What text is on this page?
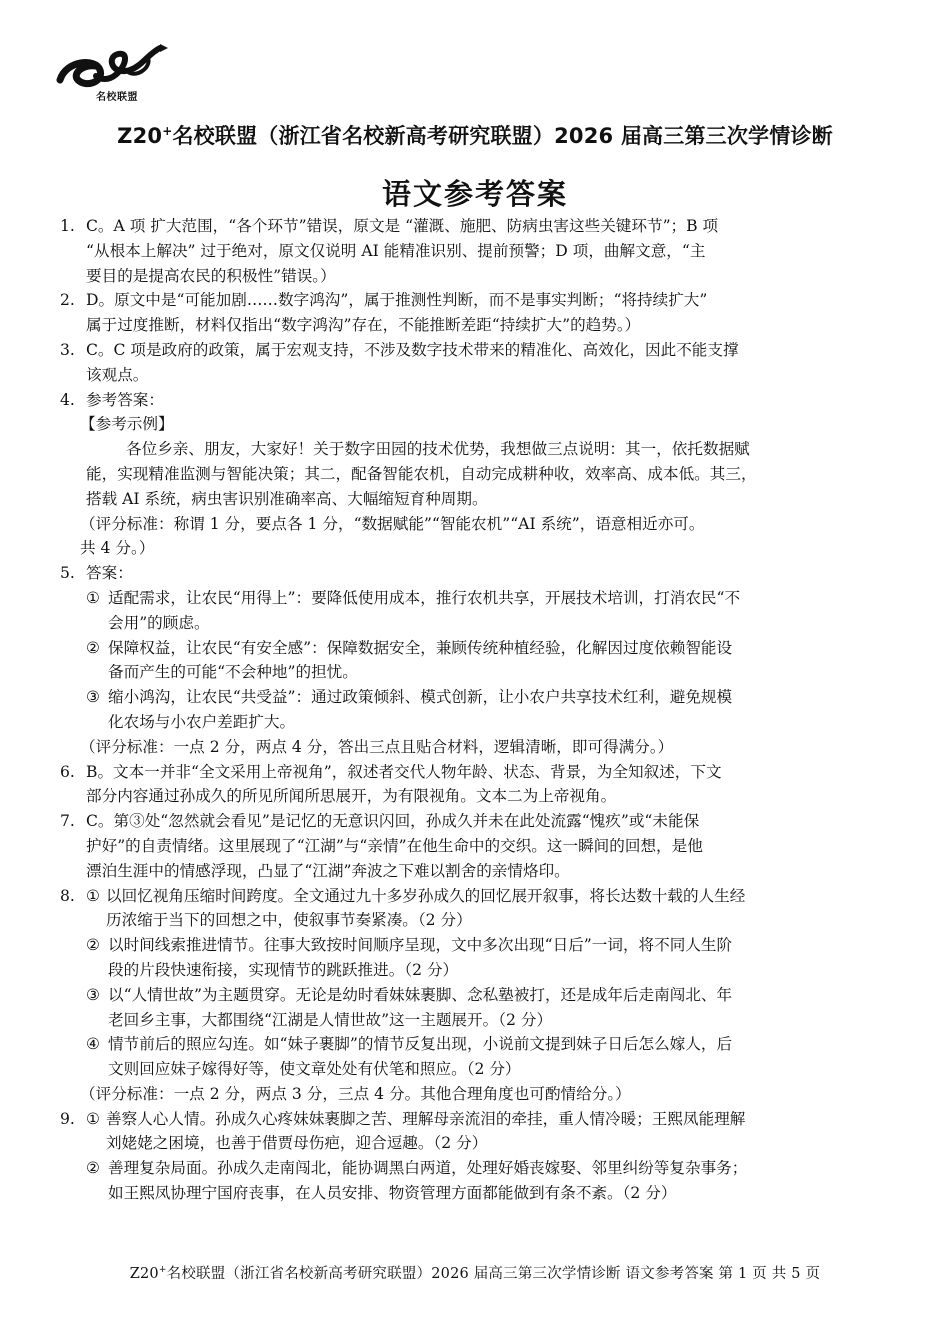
名校联盟
Z20+名校联盟（浙江省名校新高考研究联盟）2026 届高三第三次学情诊断
语文参考答案
1. C。A 项 扩大范围，“各个环节”错误，原文是 “灌溉、施肥、防病虫害这些关键环节”；B 项
“从根本上解决” 过于绝对，原文仅说明 AI 能精准识别、提前预警；D 项，曲解文意，“主
要目的是提高农民的积极性”错误。）
2. D。原文中是“可能加剧……数字鸿沟”，属于推测性判断，而不是事实判断；“将持续扩大”
属于过度推断，材料仅指出“数字鸿沟”存在，不能推断差距“持续扩大”的趋势。）
3. C。C 项是政府的政策，属于宏观支持，不涉及数字技术带来的精准化、高效化，因此不能支撑
该观点。
4. 参考答案：
【参考示例】
各位乡亲、朋友，大家好！关于数字田园的技术优势，我想做三点说明：其一，依托数据赋
能，实现精准监测与智能决策；其二，配备智能农机，自动完成耕种收，效率高、成本低。其三，
搭载 AI 系统，病虫害识别准确率高、大幅缩短育种周期。
（评分标准：称谓 1 分，要点各 1 分，“数据赋能”“智能农机”“AI 系统”，语意相近亦可。
共 4 分。）
5. 答案：
① 适配需求，让农民“用得上”：要降低使用成本，推行农机共享，开展技术培训，打消农民“不
会用”的顾虑。
② 保障权益，让农民“有安全感”：保障数据安全，兼顾传统种植经验，化解因过度依赖智能设
备而产生的可能“不会种地”的担忧。
③ 缩小鸿沟，让农民“共受益”：通过政策倾斜、模式创新，让小农户共享技术红利，避免规模
化农场与小农户差距扩大。
（评分标准：一点 2 分，两点 4 分，答出三点且贴合材料，逻辑清晰，即可得满分。）
6. B。文本一并非“全文采用上帝视角”，叙述者交代人物年龄、状态、背景，为全知叙述，下文
部分内容通过孙成久的所见所闻所思展开，为有限视角。文本二为上帝视角。
7. C。第③处“忽然就会看见”是记忆的无意识闪回，孙成久并未在此处流露“愧疚”或“未能保
护好”的自责情绪。这里展现了“江湖”与“亲情”在他生命中的交织。这一瞬间的回想，是他
漂泊生涯中的情感浮现，凸显了“江湖”奔波之下难以割舍的亲情烙印。
8. ① 以回忆视角压缩时间跨度。全文通过九十多岁孙成久的回忆展开叙事，将长达数十载的人生经
历浓缩于当下的回想之中，使叙事节奏紧凑。（2 分）
② 以时间线索推进情节。往事大致按时间顺序呈现，文中多次出现“日后”一词，将不同人生阶
段的片段快速衔接，实现情节的跳跃推进。（2 分）
③ 以“人情世故”为主题贯穿。无论是幼时看妹妹裹脚、念私塾被打，还是成年后走南闯北、年
老回乡主事，大都围绕“江湖是人情世故”这一主题展开。（2 分）
④ 情节前后的照应勾连。如“妹子裹脚”的情节反复出现，小说前文提到妹子日后怎么嫁人，后
文则回应妹子嫁得好等，使文章处处有伏笔和照应。（2 分）
（评分标准：一点 2 分，两点 3 分，三点 4 分。其他合理角度也可酌情给分。）
9. ① 善察人心人情。孙成久心疼妹妹裹脚之苦、理解母亲流泪的牵挂，重人情冷暖；王熙凤能理解
刘姥姥之困境，也善于借贾母伤疤，迎合逗趣。（2 分）
② 善理复杂局面。孙成久走南闯北，能协调黑白两道，处理好婚丧嫁娶、邻里纠纷等复杂事务；
如王熙凤协理宁国府丧事，在人员安排、物资管理方面都能做到有条不紊。（2 分）
Z20+名校联盟（浙江省名校新高考研究联盟）2026 届高三第三次学情诊断 语文参考答案 第 1 页 共 5 页
